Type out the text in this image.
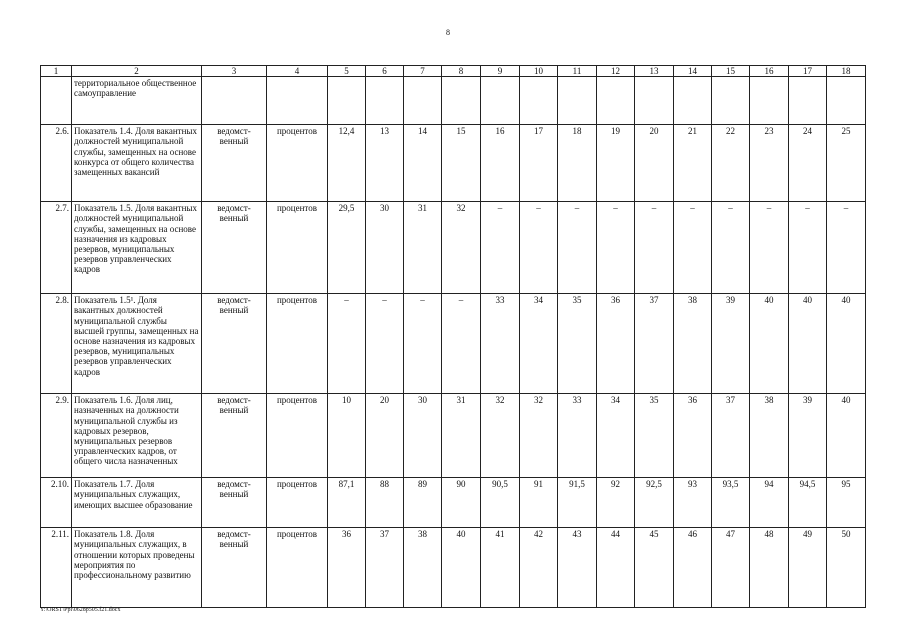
8
1	2	3	4	5	6	7	8	9	10	11	12	13	14	15	16	17	18
	территориальное общественное самоуправление																
2.6.	Показатель 1.4. Доля вакантных должностей муниципальной службы, замещенных на основе конкурса от общего количества замещенных вакансий	ведомст-венный	процентов	12,4	13	14	15	16	17	18	19	20	21	22	23	24	25
2.7.	Показатель 1.5. Доля вакантных должностей муниципальной службы, замещенных на основе назначения из кадровых резервов, муниципальных резервов управленческих кадров	ведомст-венный	процентов	29,5	30	31	32	–	–	–	–	–	–	–	–	–	–
2.8.	Показатель 1.5¹. Доля вакантных должностей муниципальной службы высшей группы, замещенных на основе назначения из кадровых резервов, муниципальных резервов управленческих кадров	ведомст-венный	процентов	–	–	–	–	33	34	35	36	37	38	39	40	40	40
2.9.	Показатель 1.6. Доля лиц, назначенных на должности муниципальной службы из кадровых резервов, муниципальных резервов управленческих кадров, от общего числа назначенных	ведомст-венный	процентов	10	20	30	31	32	32	33	34	35	36	37	38	39	40
2.10.	Показатель 1.7. Доля муниципальных служащих, имеющих высшее образование	ведомст-венный	процентов	87,1	88	89	90	90,5	91	91,5	92	92,5	93	93,5	94	94,5	95
2.11.	Показатель 1.8. Доля муниципальных служащих, в отношении которых проведены мероприятия по профессиональному развитию	ведомст-венный	процентов	36	37	38	40	41	42	43	44	45	46	47	48	49	50
Y:\ORST\Ppi\0628p505.f21.docx
